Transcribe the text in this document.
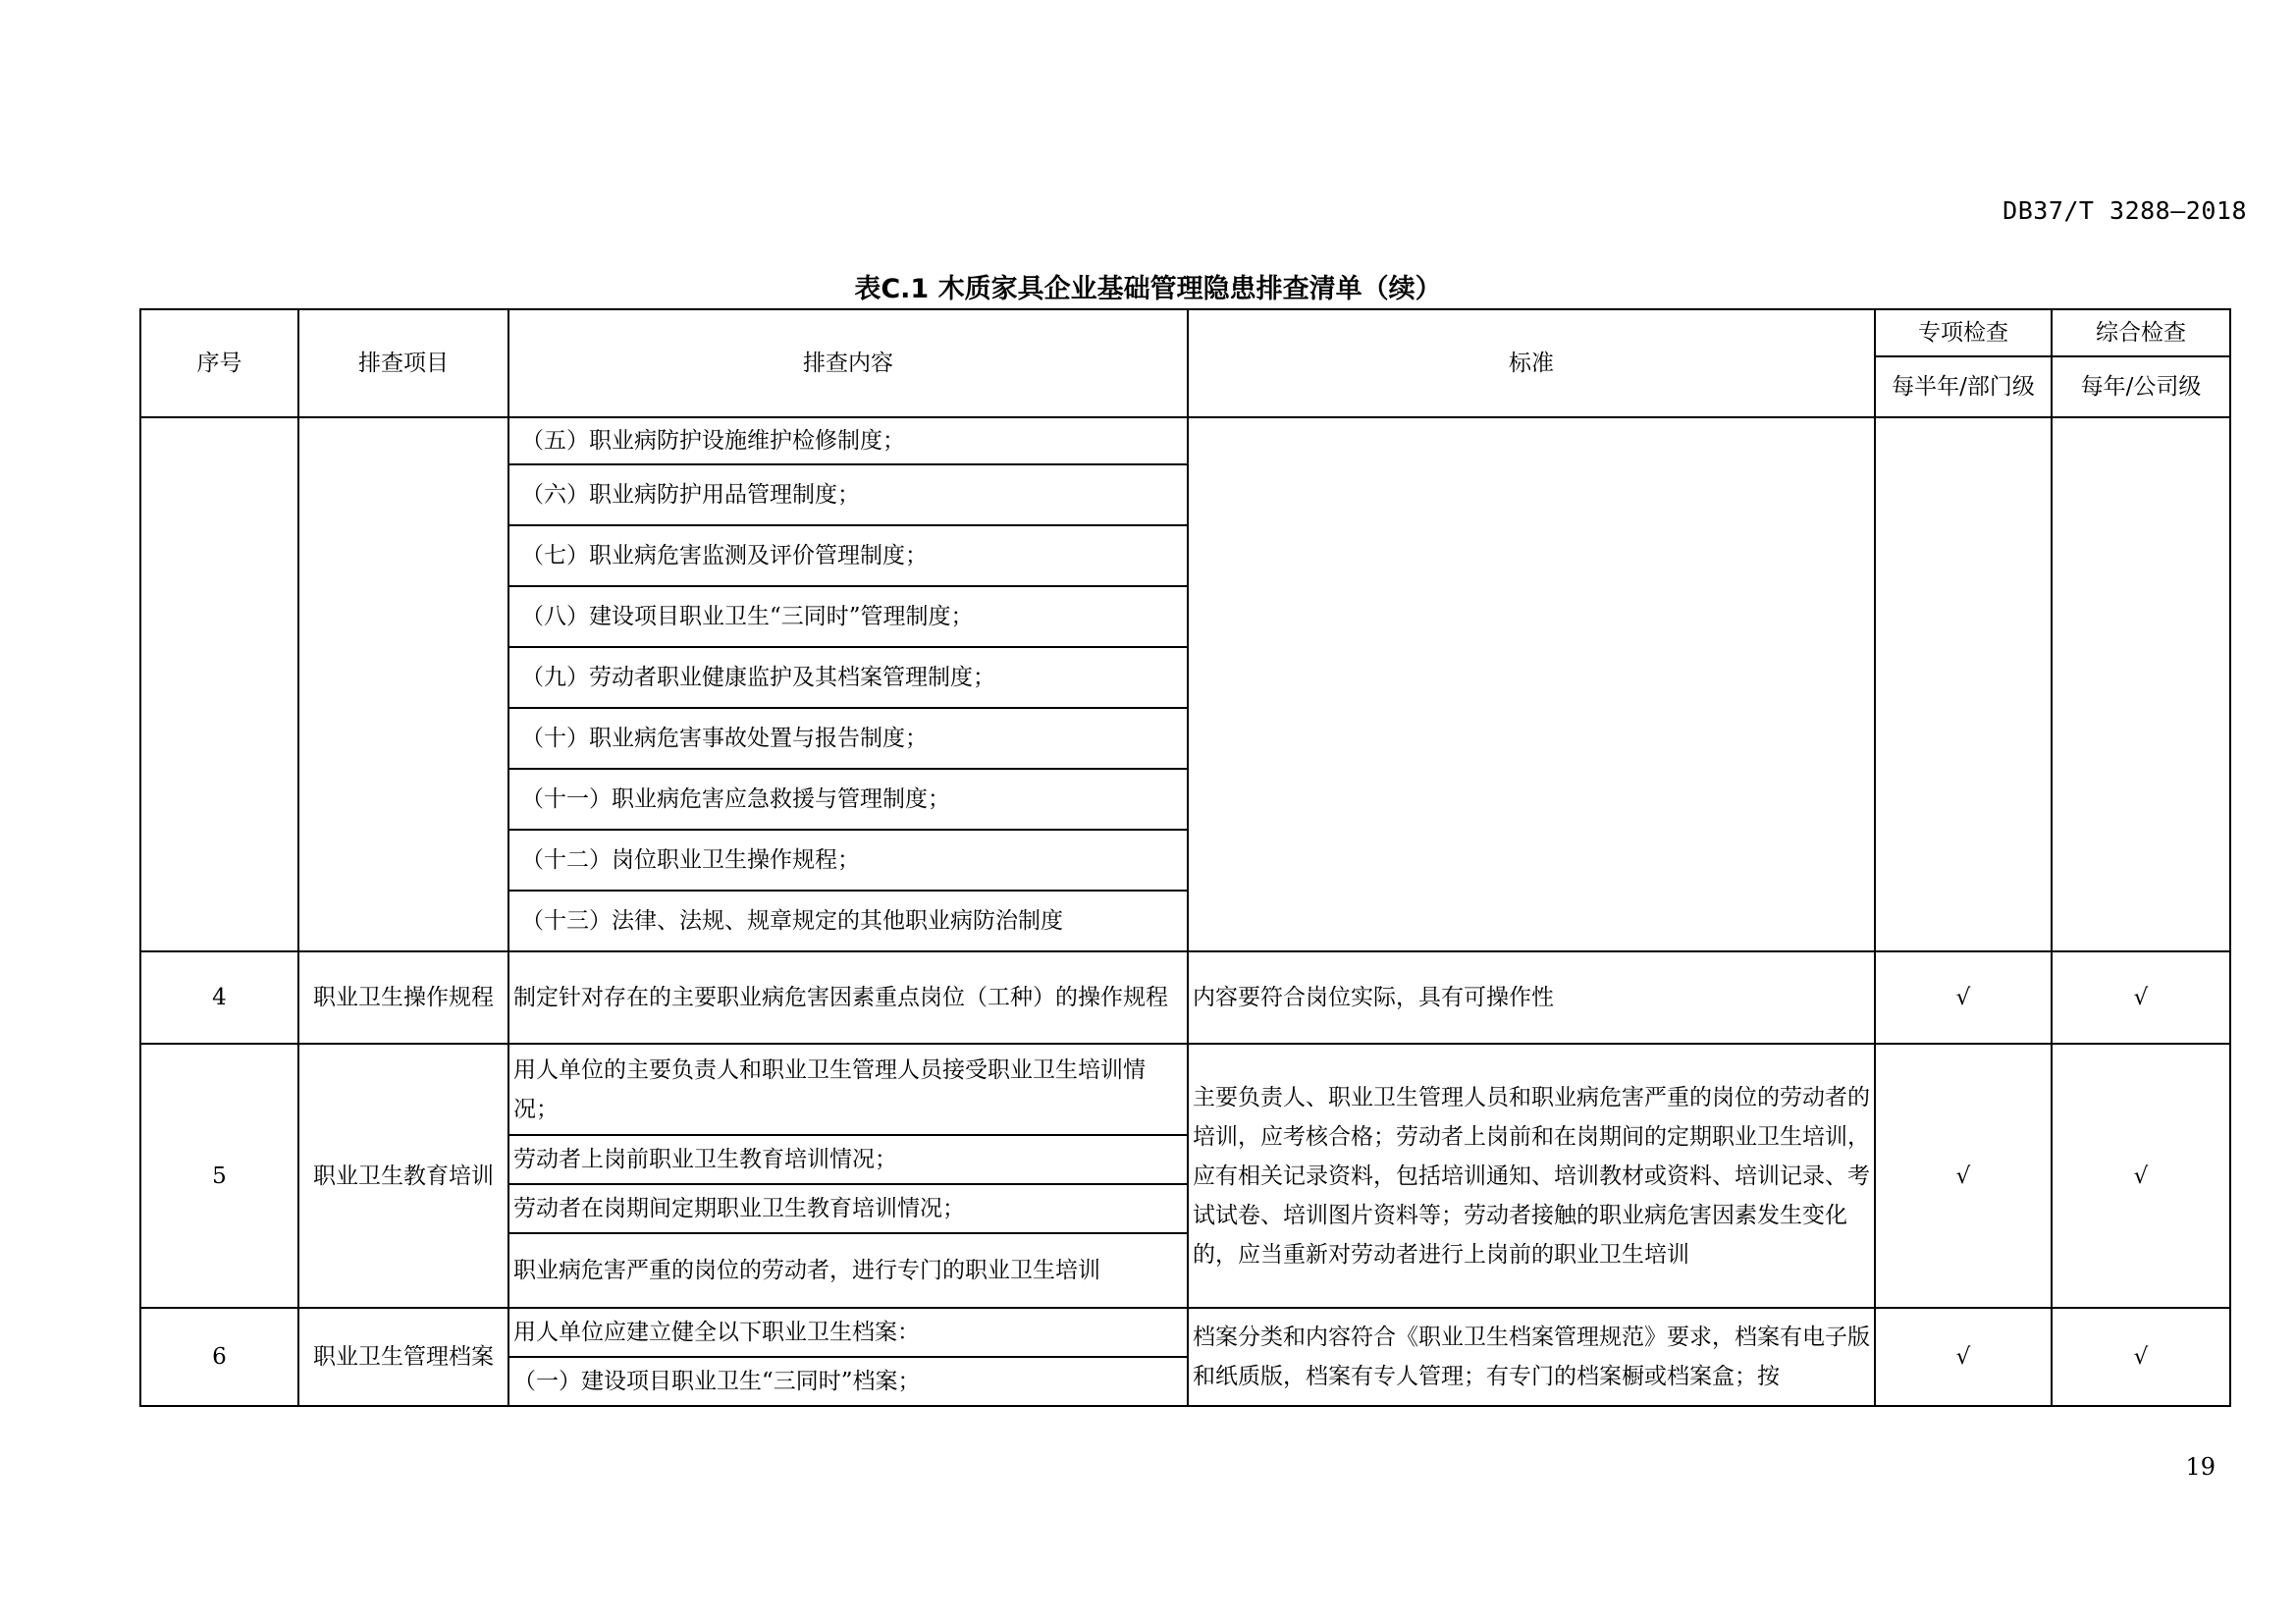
DB37/T 3288—2018
表C.1 木质家具企业基础管理隐患排查清单（续）
序号	排查项目	排查内容	标准	专项检查	综合检查
				每半年/部门级	每年/公司级
		（五）职业病防护设施维护检修制度；			
		（六）职业病防护用品管理制度；			
		（七）职业病危害监测及评价管理制度；			
		（八）建设项目职业卫生“三同时”管理制度；			
		（九）劳动者职业健康监护及其档案管理制度；			
		（十）职业病危害事故处置与报告制度；			
		（十一）职业病危害应急救援与管理制度；			
		（十二）岗位职业卫生操作规程；			
		（十三）法律、法规、规章规定的其他职业病防治制度			
4	职业卫生操作规程	制定针对存在的主要职业病危害因素重点岗位（工种）的操作规程	内容要符合岗位实际，具有可操作性	√	√
5	职业卫生教育培训	用人单位的主要负责人和职业卫生管理人员接受职业卫生培训情况；	主要负责人、职业卫生管理人员和职业病危害严重的岗位的劳动者的培训，应考核合格；劳动者上岗前和在岗期间的定期职业卫生培训，应有相关记录资料，包括培训通知、培训教材或资料、培训记录、考试试卷、培训图片资料等；劳动者接触的职业病危害因素发生变化的，应当重新对劳动者进行上岗前的职业卫生培训	√	√
		劳动者上岗前职业卫生教育培训情况；			
		劳动者在岗期间定期职业卫生教育培训情况；			
		职业病危害严重的岗位的劳动者，进行专门的职业卫生培训			
6	职业卫生管理档案	用人单位应建立健全以下职业卫生档案：	档案分类和内容符合《职业卫生档案管理规范》要求，档案有电子版和纸质版，档案有专人管理；有专门的档案橱或档案盒；按	√	√
		（一）建设项目职业卫生“三同时”档案；			
19
